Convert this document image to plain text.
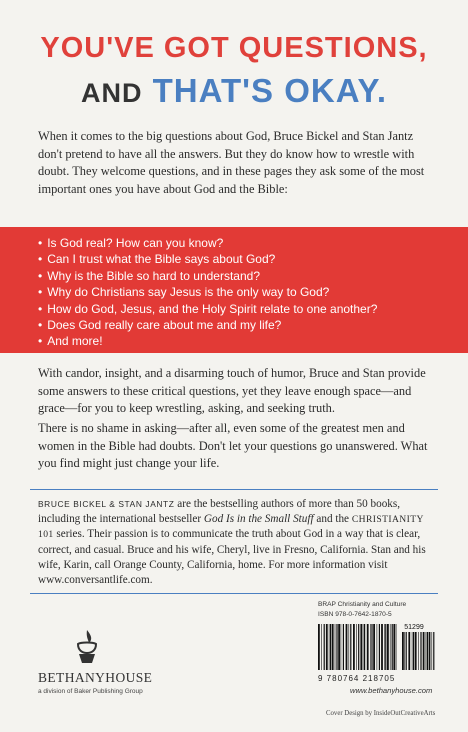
YOU'VE GOT QUESTIONS,
AND THAT'S OKAY.

When it comes to the big questions about God, Bruce Bickel and Stan Jantz don't pretend to have all the answers. But they do know how to wrestle with doubt. They welcome questions, and in these pages they ask some of the most important ones you have about God and the Bible:

• Is God real? How can you know?
• Can I trust what the Bible says about God?
• Why is the Bible so hard to understand?
• Why do Christians say Jesus is the only way to God?
• How do God, Jesus, and the Holy Spirit relate to one another?
• Does God really care about me and my life?
• And more!

With candor, insight, and a disarming touch of humor, Bruce and Stan provide some answers to these critical questions, yet they leave enough space—and grace—for you to keep wrestling, asking, and seeking truth.

There is no shame in asking—after all, even some of the greatest men and women in the Bible had doubts. Don't let your questions go unanswered. What you find might just change your life.

BRUCE BICKEL & STAN JANTZ are the bestselling authors of more than 50 books, including the international bestseller God Is in the Small Stuff and the CHRISTIANITY 101 series. Their passion is to communicate the truth about God in a way that is clear, correct, and casual. Bruce and his wife, Cheryl, live in Fresno, California. Stan and his wife, Karin, call Orange County, California, home. For more information visit www.conversantlife.com.

BETHANYHOUSE
a division of Baker Publishing Group
BRAP Christianity and Culture
ISBN 978-0-7642-1870-5
51299
9 780764 218705
www.bethanyhouse.com
Cover Design by InsideOutCreativeArts
